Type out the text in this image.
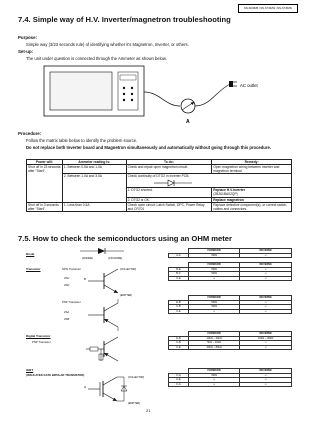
NN-SD382B / NN-ST462W / NN-ST452W
7.4. Simple way of H.V. Inverter/magnetron troubleshooting
Purpose:
Simple way (3/23 seconds rule) of identifying whether it's Magnetron, Inverter, or others.
Set-up:
The unit under question is connected through the Ammeter as shown below.
A
AC outlet
Procedure:
Follow the matrix table below to identify the problem source.
Do not replace both Inverter board and Magnetron simultaneously and automatically without going through this procedure.
Power will:	Ammeter reading is:	To do:	Remedy:
Shut off in 23 seconds after "Start".	1. Between 0.5A and 1.0A	Check and repair open magnetron circuit.	Open magnetron wiring between Inverter and magnetron terminal.
	2. Between 1.0A and 3.0A	Check continuity of DTG2 in Inverter PCB.	

		1. DTG2 shorted.	Replace H.V.Inverter
(2B261BA02QP)

		2. DTG2 is OK.	Replace magnetron
Shut off in 3 seconds after "Start".	1. Less than 0.5A	Check open circuit: Latch Switch, DPC, Power Relay and CR701	Replace defective component(s), or correct switch, cables and connectors.
7.5. How to check the semiconductors using an OHM meter
Diode
(ANODE)	(CATHODE)
	FORWARD	REVERSE
A-K	5MΩ	∞
Transistor	NPN Transistor
2SC
2SD
B
(COLLECTOR)
(EMITTER)
	FORWARD	REVERSE
B-E	5MΩ	∞
B-C	5MΩ	∞
C-E	∞	∞
PNP Transistor
2SA
2SB
	FORWARD	REVERSE
E-B	5MΩ	∞
C-B	5MΩ	∞
C-E	∞	∞
Digital Transistor
PNP Transistor
	FORWARD	REVERSE
E-B	10kΩ ~ 30kΩ	10kΩ ~ 30kΩ
C-B	5kΩ ~ 10kΩ	∞
C-E	40kΩ ~ 80kΩ	∞
IGBT
(INSULATED GATE BIPOLAR TRANSISTOR)
G
(COLLECTOR)
(EMITTER)
	FORWARD	REVERSE
C-G	5MΩ	∞
C-E	∞	∞
C-G	∞	∞
21
